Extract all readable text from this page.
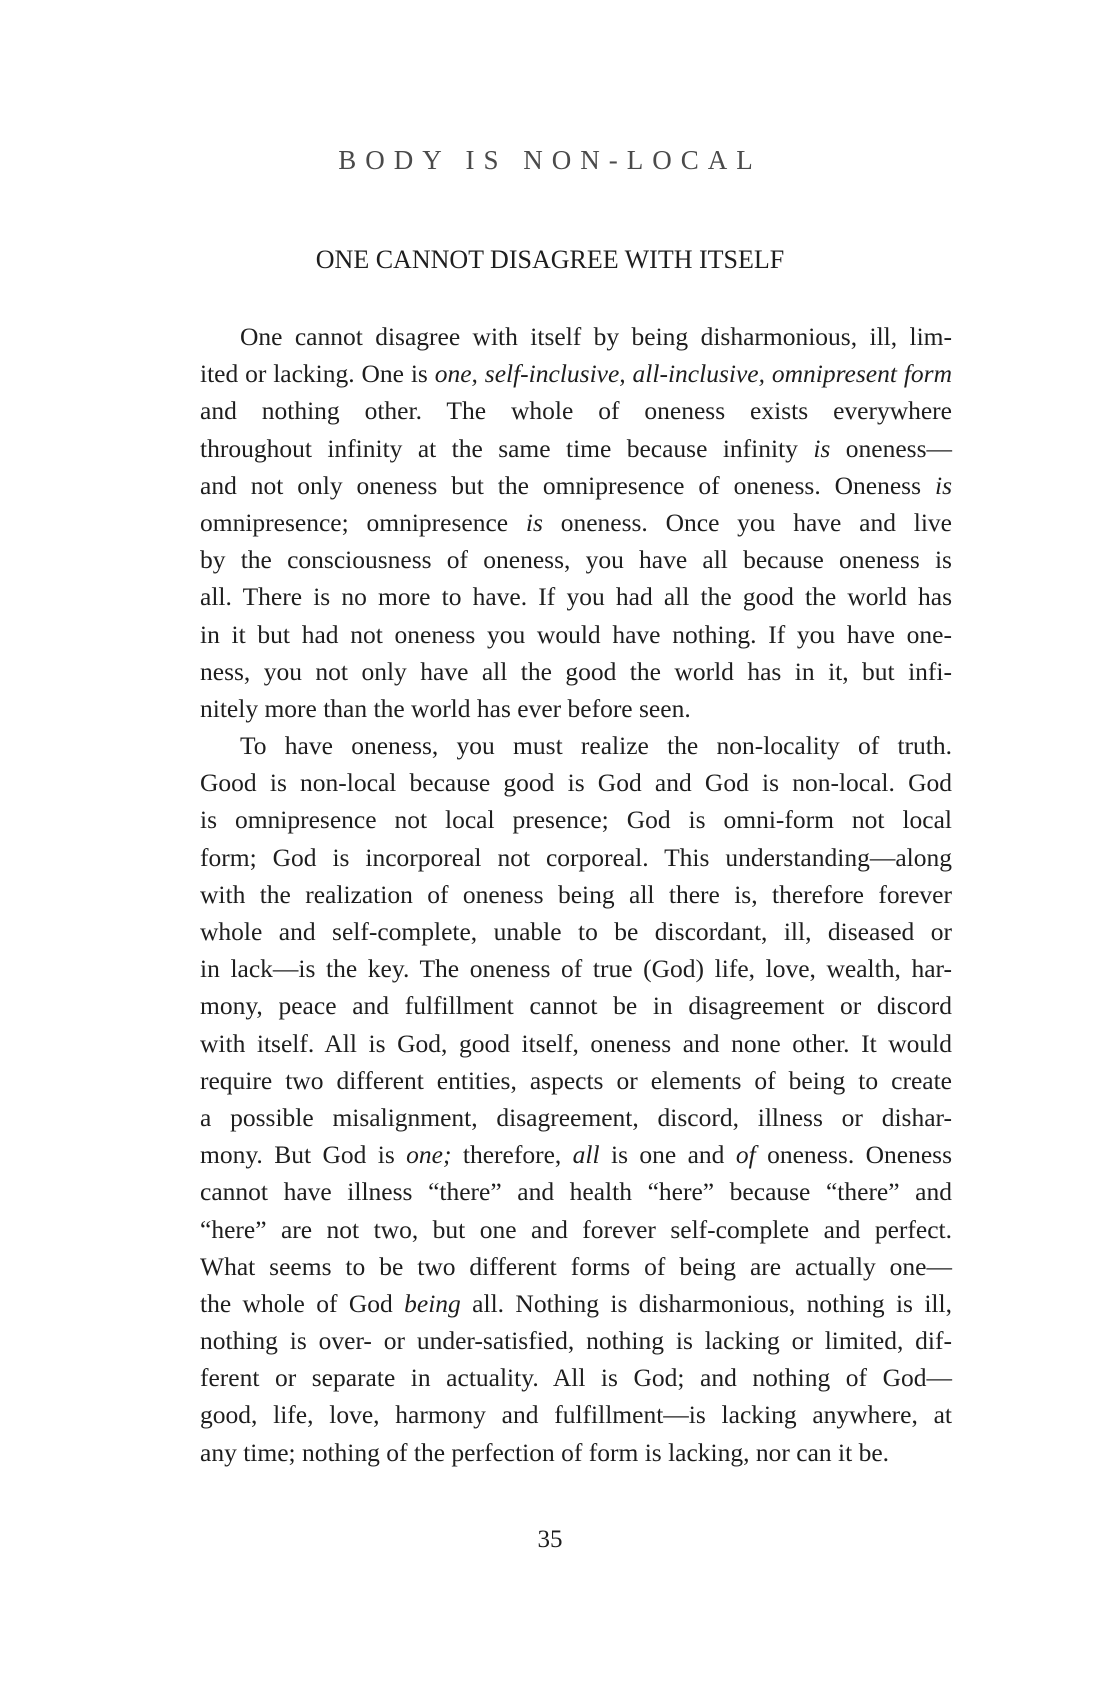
BODY IS NON-LOCAL
ONE CANNOT DISAGREE WITH ITSELF
One cannot disagree with itself by being disharmonious, ill, lim-
ited or lacking. One is one, self-inclusive, all-inclusive, omnipresent form
and nothing other. The whole of oneness exists everywhere
throughout infinity at the same time because infinity is oneness—
and not only oneness but the omnipresence of oneness. Oneness is
omnipresence; omnipresence is oneness. Once you have and live
by the consciousness of oneness, you have all because oneness is
all. There is no more to have. If you had all the good the world has
in it but had not oneness you would have nothing. If you have one-
ness, you not only have all the good the world has in it, but infi-
nitely more than the world has ever before seen.
To have oneness, you must realize the non-locality of truth.
Good is non-local because good is God and God is non-local. God
is omnipresence not local presence; God is omni-form not local
form; God is incorporeal not corporeal. This understanding—along
with the realization of oneness being all there is, therefore forever
whole and self-complete, unable to be discordant, ill, diseased or
in lack—is the key. The oneness of true (God) life, love, wealth, har-
mony, peace and fulfillment cannot be in disagreement or discord
with itself. All is God, good itself, oneness and none other. It would
require two different entities, aspects or elements of being to create
a possible misalignment, disagreement, discord, illness or dishar-
mony. But God is one; therefore, all is one and of oneness. Oneness
cannot have illness “there” and health “here” because “there” and
“here” are not two, but one and forever self-complete and perfect.
What seems to be two different forms of being are actually one—
the whole of God being all. Nothing is disharmonious, nothing is ill,
nothing is over- or under-satisfied, nothing is lacking or limited, dif-
ferent or separate in actuality. All is God; and nothing of God—
good, life, love, harmony and fulfillment—is lacking anywhere, at
any time; nothing of the perfection of form is lacking, nor can it be.
35
